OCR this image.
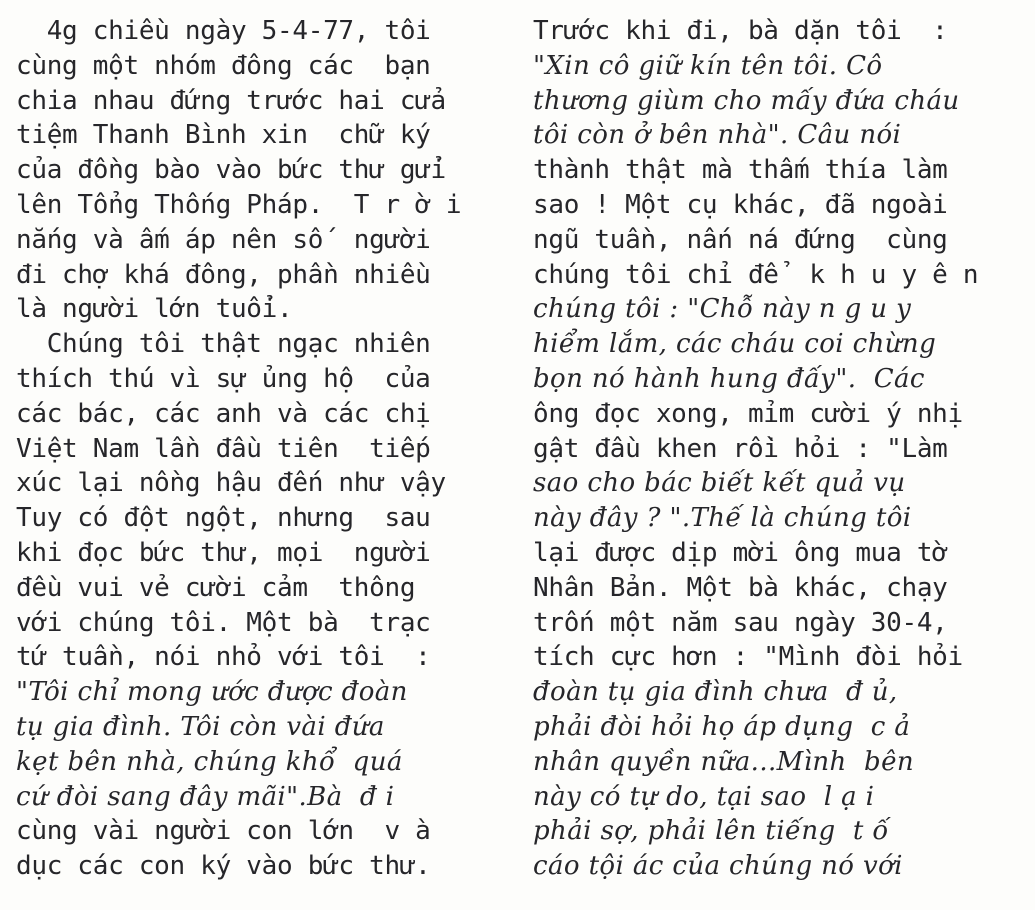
4g chiều ngày 5-4-77, tôi
cùng một nhóm đông các  bạn
chia nhau đứng trước hai cửa
tiệm Thanh Bình xin  chữ ký
của đồng bào vào bức thư gửi
lên Tổng Thống Pháp.  T r ờ i
nắng và ấm áp nên số  người
đi chợ khá đông, phần nhiều
là người lớn tuổi.
Chúng tôi thật ngạc nhiên
thích thú vì sự ủng hộ  của
các bác, các anh và các chị
Việt Nam lần đầu tiên  tiếp
xúc lại nồng hậu đến như vậy
Tuy có đột ngột, nhưng  sau
khi đọc bức thư, mọi  người
đều vui vẻ cười cảm  thông
với chúng tôi. Một bà  trạc
tứ tuần, nói nhỏ với tôi  :
"Tôi chỉ mong ước được đoàn
tụ gia đình. Tôi còn vài đứa
kẹt bên nhà, chúng khổ  quá
cứ đòi sang đây mãi".Bà  đ i
cùng vài người con lớn  v à
dục các con ký vào bức thư.
Trước khi đi, bà dặn tôi  :
"Xin cô giữ kín tên tôi. Cô
thương giùm cho mấy đứa cháu
tôi còn ở bên nhà". Câu nói
thành thật mà thấm thía làm
sao ! Một cụ khác, đã ngoài
ngũ tuần, nấn ná đứng  cùng
chúng tôi chỉ để  k h u y ê n
chúng tôi : "Chỗ này n g u y
hiểm lắm, các cháu coi chừng
bọn nó hành hung đấy".  Các
ông đọc xong, mỉm cười ý nhị
gật đầu khen rồi hỏi : "Làm
sao cho bác biết kết quả vụ
này đây ? ".Thế là chúng tôi
lại được dịp mời ông mua tờ
Nhân Bản. Một bà khác, chạy
trốn một năm sau ngày 30-4,
tích cực hơn : "Mình đòi hỏi
đoàn tụ gia đình chưa  đ ủ,
phải đòi hỏi họ áp dụng  c ả
nhân quyền nữa...Mình  bên
này có tự do, tại sao  l ạ i
phải sợ, phải lên tiếng  t ố
cáo tội ác của chúng nó với
